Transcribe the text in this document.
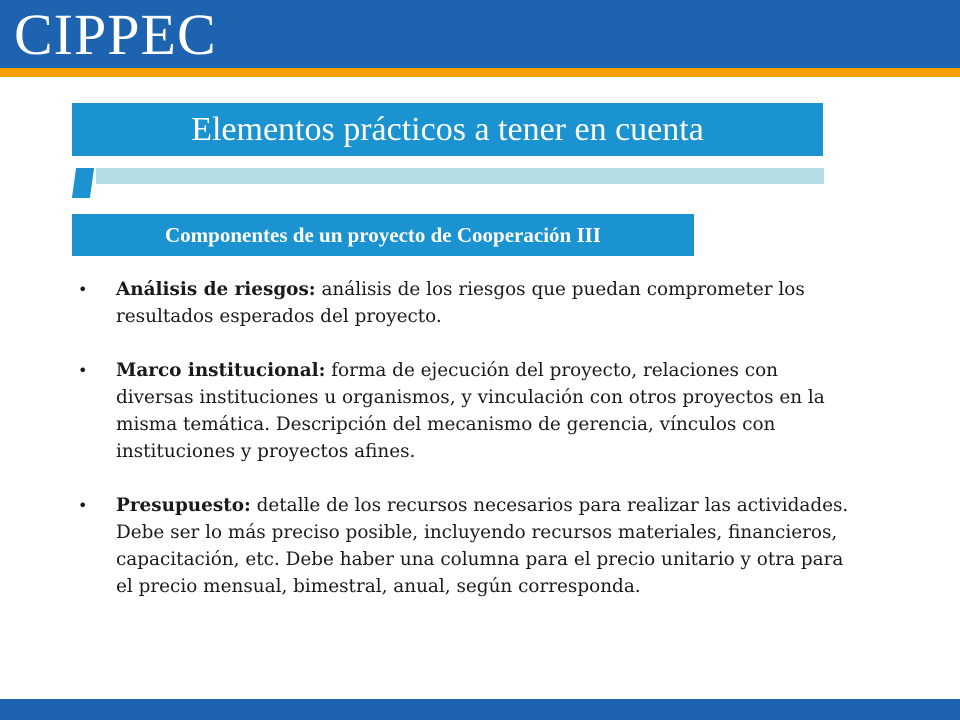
CIPPEC
Elementos prácticos a tener en cuenta
Componentes de un proyecto de Cooperación III
• Análisis de riesgos: análisis de los riesgos que puedan comprometer los resultados esperados del proyecto.
• Marco institucional: forma de ejecución del proyecto, relaciones con diversas instituciones u organismos, y vinculación con otros proyectos en la misma temática. Descripción del mecanismo de gerencia, vínculos con instituciones y proyectos afines.
• Presupuesto: detalle de los recursos necesarios para realizar las actividades. Debe ser lo más preciso posible, incluyendo recursos materiales, financieros, capacitación, etc. Debe haber una columna para el precio unitario y otra para el precio mensual, bimestral, anual, según corresponda.
